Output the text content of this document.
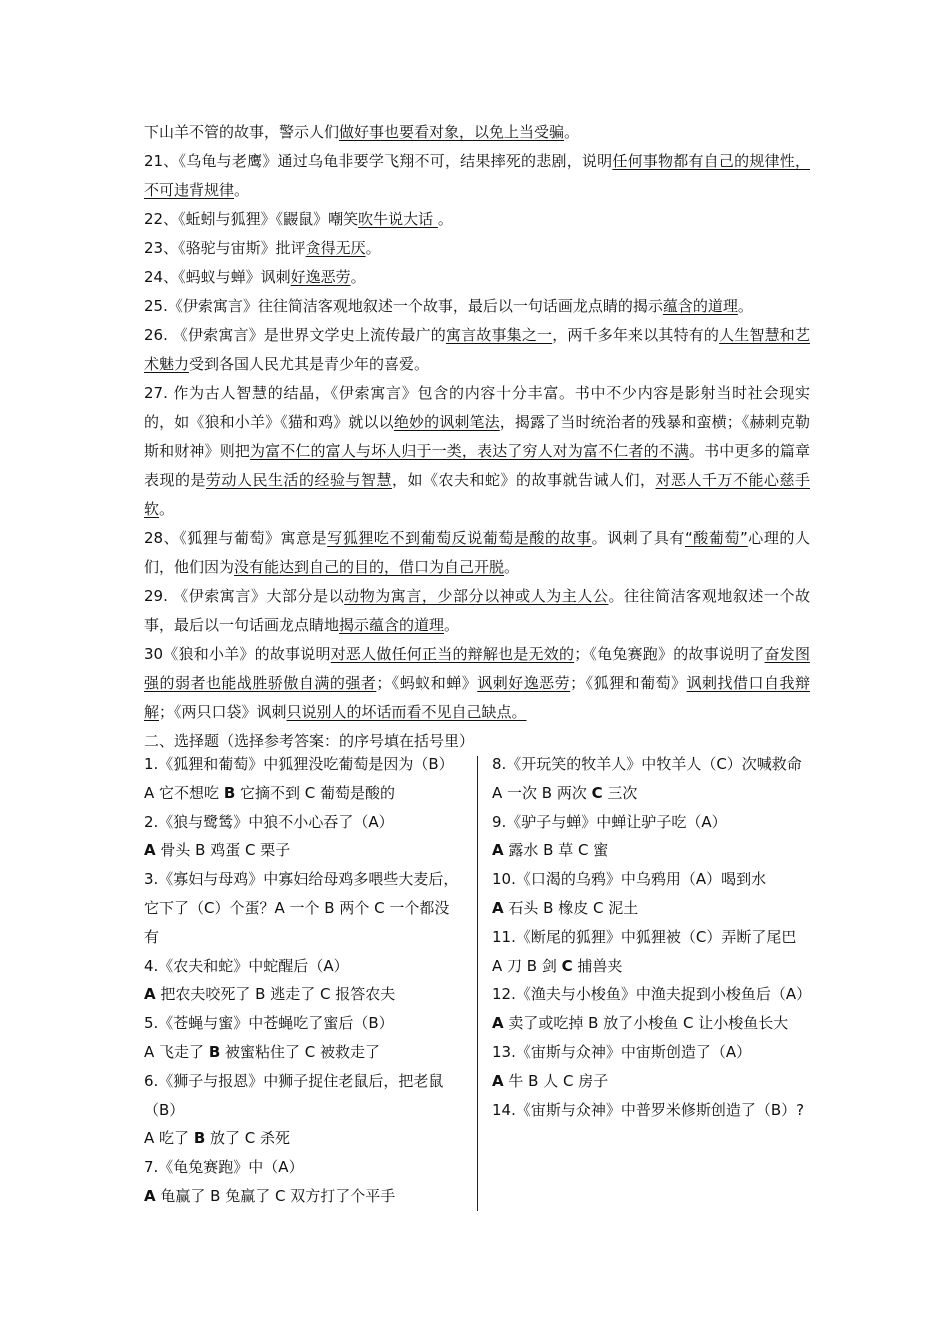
下山羊不管的故事，警示人们做好事也要看对象，以免上当受骗。

21、《乌龟与老鹰》通过乌龟非要学飞翔不可，结果摔死的悲剧，说明任何事物都有自己的规律性，不可违背规律。

22、《蚯蚓与狐狸》《鼹鼠》嘲笑吹牛说大话 。

23、《骆驼与宙斯》批评贪得无厌。

24、《蚂蚁与蝉》讽刺好逸恶劳。

25.《伊索寓言》往往简洁客观地叙述一个故事，最后以一句话画龙点睛的揭示蕴含的道理。

26. 《伊索寓言》是世界文学史上流传最广的寓言故事集之一，两千多年来以其特有的人生智慧和艺术魅力受到各国人民尤其是青少年的喜爱。

27. 作为古人智慧的结晶，《伊索寓言》包含的内容十分丰富。书中不少内容是影射当时社会现实的，如《狼和小羊》《猫和鸡》就以以绝妙的讽刺笔法，揭露了当时统治者的残暴和蛮横；《赫刺克勒斯和财神》则把为富不仁的富人与坏人归于一类，表达了穷人对为富不仁者的不满。书中更多的篇章表现的是劳动人民生活的经验与智慧，如《农夫和蛇》的故事就告诫人们，对恶人千万不能心慈手软。

28、《狐狸与葡萄》寓意是写狐狸吃不到葡萄反说葡萄是酸的故事。讽刺了具有“酸葡萄”心理的人们，他们因为没有能达到自己的目的，借口为自己开脱。

29. 《伊索寓言》大部分是以动物为寓言，少部分以神或人为主人公。往往简洁客观地叙述一个故事，最后以一句话画龙点睛地揭示蕴含的道理。

30《狼和小羊》的故事说明对恶人做任何正当的辩解也是无效的；《龟兔赛跑》的故事说明了奋发图强的弱者也能战胜骄傲自满的强者；《蚂蚁和蝉》讽刺好逸恶劳；《狐狸和葡萄》讽刺找借口自我辩解；《两只口袋》讽刺只说别人的坏话而看不见自己缺点。

二、选择题（选择参考答案：的序号填在括号里）

1.《狐狸和葡萄》中狐狸没吃葡萄是因为（B）

A 它不想吃 B 它摘不到 C 葡萄是酸的

2.《狼与鹭鸶》中狼不小心吞了（A）

A 骨头 B 鸡蛋 C 栗子

3.《寡妇与母鸡》中寡妇给母鸡多喂些大麦后，它下了（C）个蛋？A 一个 B 两个 C 一个都没有

4.《农夫和蛇》中蛇醒后（A）

A 把农夫咬死了 B 逃走了 C 报答农夫

5.《苍蝇与蜜》中苍蝇吃了蜜后（B）

A 飞走了 B 被蜜粘住了 C 被救走了

6.《狮子与报恩》中狮子捉住老鼠后，把老鼠（B）

A 吃了 B 放了 C 杀死

7.《龟兔赛跑》中（A）

A 龟赢了 B 兔赢了 C 双方打了个平手

8.《开玩笑的牧羊人》中牧羊人（C）次喊救命

A 一次 B 两次 C 三次

9.《驴子与蝉》中蝉让驴子吃（A）

A 露水 B 草 C 蜜

10.《口渴的乌鸦》中乌鸦用（A）喝到水

A 石头 B 橡皮 C 泥土

11.《断尾的狐狸》中狐狸被（C）弄断了尾巴

A 刀 B 剑 C 捕兽夹

12.《渔夫与小梭鱼》中渔夫捉到小梭鱼后（A）

A 卖了或吃掉 B 放了小梭鱼 C 让小梭鱼长大

13.《宙斯与众神》中宙斯创造了（A）

A 牛 B 人 C 房子

14.《宙斯与众神》中普罗米修斯创造了（B）?
